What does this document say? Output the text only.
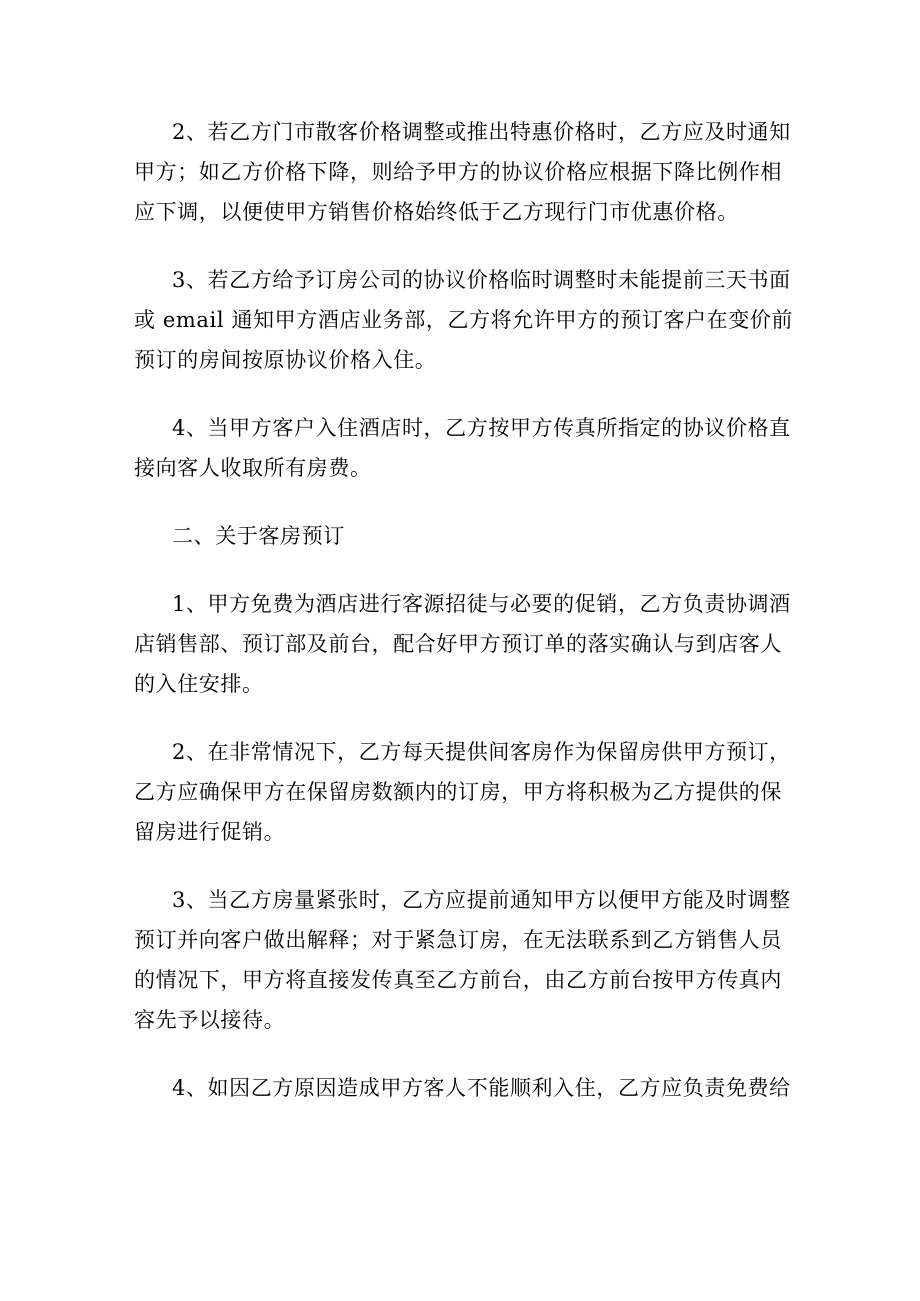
2、若乙方门市散客价格调整或推出特惠价格时，乙方应及时通知
甲方；如乙方价格下降，则给予甲方的协议价格应根据下降比例作相
应下调，以便使甲方销售价格始终低于乙方现行门市优惠价格。

3、若乙方给予订房公司的协议价格临时调整时未能提前三天书面
或 email 通知甲方酒店业务部，乙方将允许甲方的预订客户在变价前
预订的房间按原协议价格入住。

4、当甲方客户入住酒店时，乙方按甲方传真所指定的协议价格直
接向客人收取所有房费。

二、关于客房预订

1、甲方免费为酒店进行客源招徒与必要的促销，乙方负责协调酒
店销售部、预订部及前台，配合好甲方预订单的落实确认与到店客人
的入住安排。

2、在非常情况下，乙方每天提供间客房作为保留房供甲方预订，
乙方应确保甲方在保留房数额内的订房，甲方将积极为乙方提供的保
留房进行促销。

3、当乙方房量紧张时，乙方应提前通知甲方以便甲方能及时调整
预订并向客户做出解释；对于紧急订房，在无法联系到乙方销售人员
的情况下，甲方将直接发传真至乙方前台，由乙方前台按甲方传真内
容先予以接待。

4、如因乙方原因造成甲方客人不能顺利入住，乙方应负责免费给
